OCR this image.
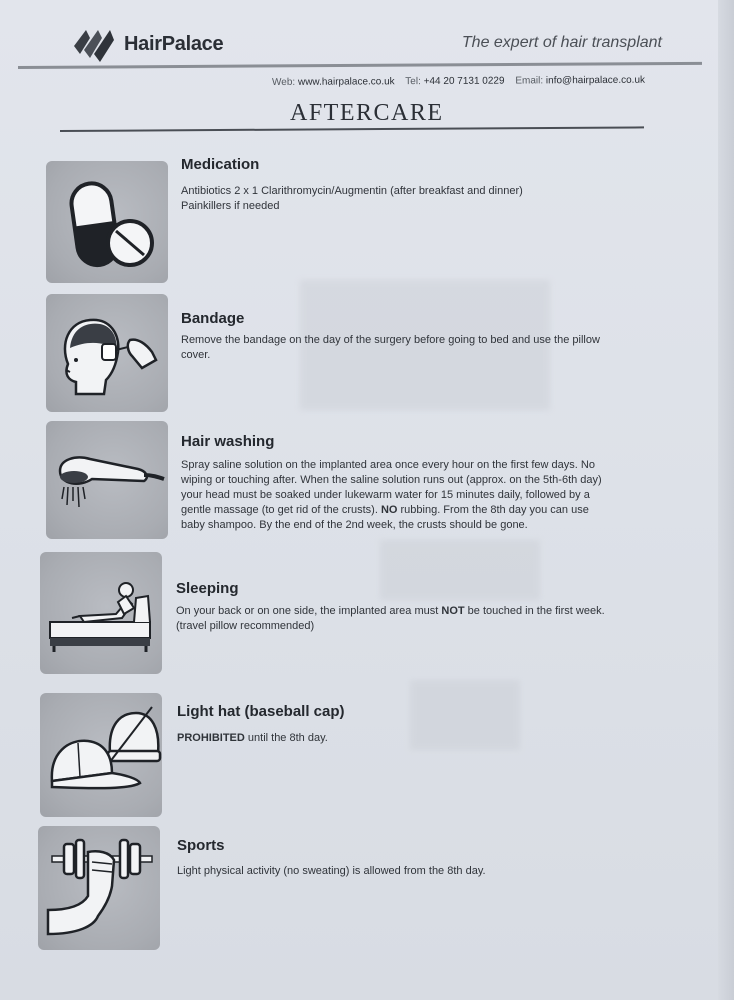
HairPalace	The expert of hair transplant
Web: www.hairpalace.co.uk Tel: +44 20 7131 0229 Email: info@hairpalace.co.uk
AFTERCARE
Medication

Antibiotics 2 x 1 Clarithromycin/Augmentin (after breakfast and dinner)

Painkillers if needed

Bandage

Remove the bandage on the day of the surgery before going to bed and use the pillow

cover.

Hair washing

Spray saline solution on the implanted area once every hour on the first few days. No

wiping or touching after. When the saline solution runs out (approx. on the 5th-6th day)

your head must be soaked under lukewarm water for 15 minutes daily, followed by a

gentle massage (to get rid of the crusts). NO rubbing. From the 8th day you can use

baby shampoo. By the end of the 2nd week, the crusts should be gone.

Sleeping

On your back or on one side, the implanted area must NOT be touched in the first week.

(travel pillow recommended)

Light hat (baseball cap)

PROHIBITED until the 8th day.

Sports

Light physical activity (no sweating) is allowed from the 8th day.
